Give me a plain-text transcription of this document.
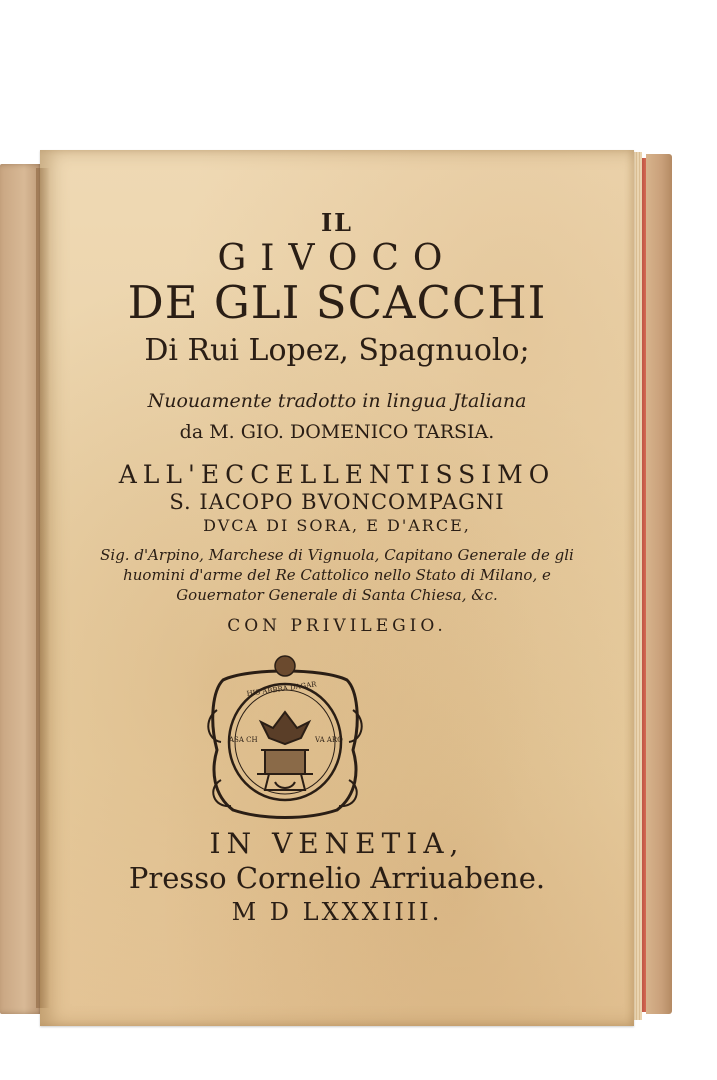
IL
GIVOCO
DE GLI SCACCHI
Di Rui Lopez, Spagnuolo;
Nuouamente tradotto in lingua Jtaliana
da M. GIO. DOMENICO TARSIA.
ALL'ECCELLENTISSIMO
S. IACOPO BVONCOMPAGNI
DVCA DI SORA, E D'ARCE,
Sig. d'Arpino, Marchese di Vignuola, Capitano Generale de gli
huomini d'arme del Re Cattolico nello Stato di Milano, e
Gouernator Generale di Santa Chiesa, &c.
CON PRIVILEGIO.
HIS ABBRA DAGAR
ASA CH	VA ARO
IN VENETIA,
Presso Cornelio Arriuabene.
M D LXXXIIII.
